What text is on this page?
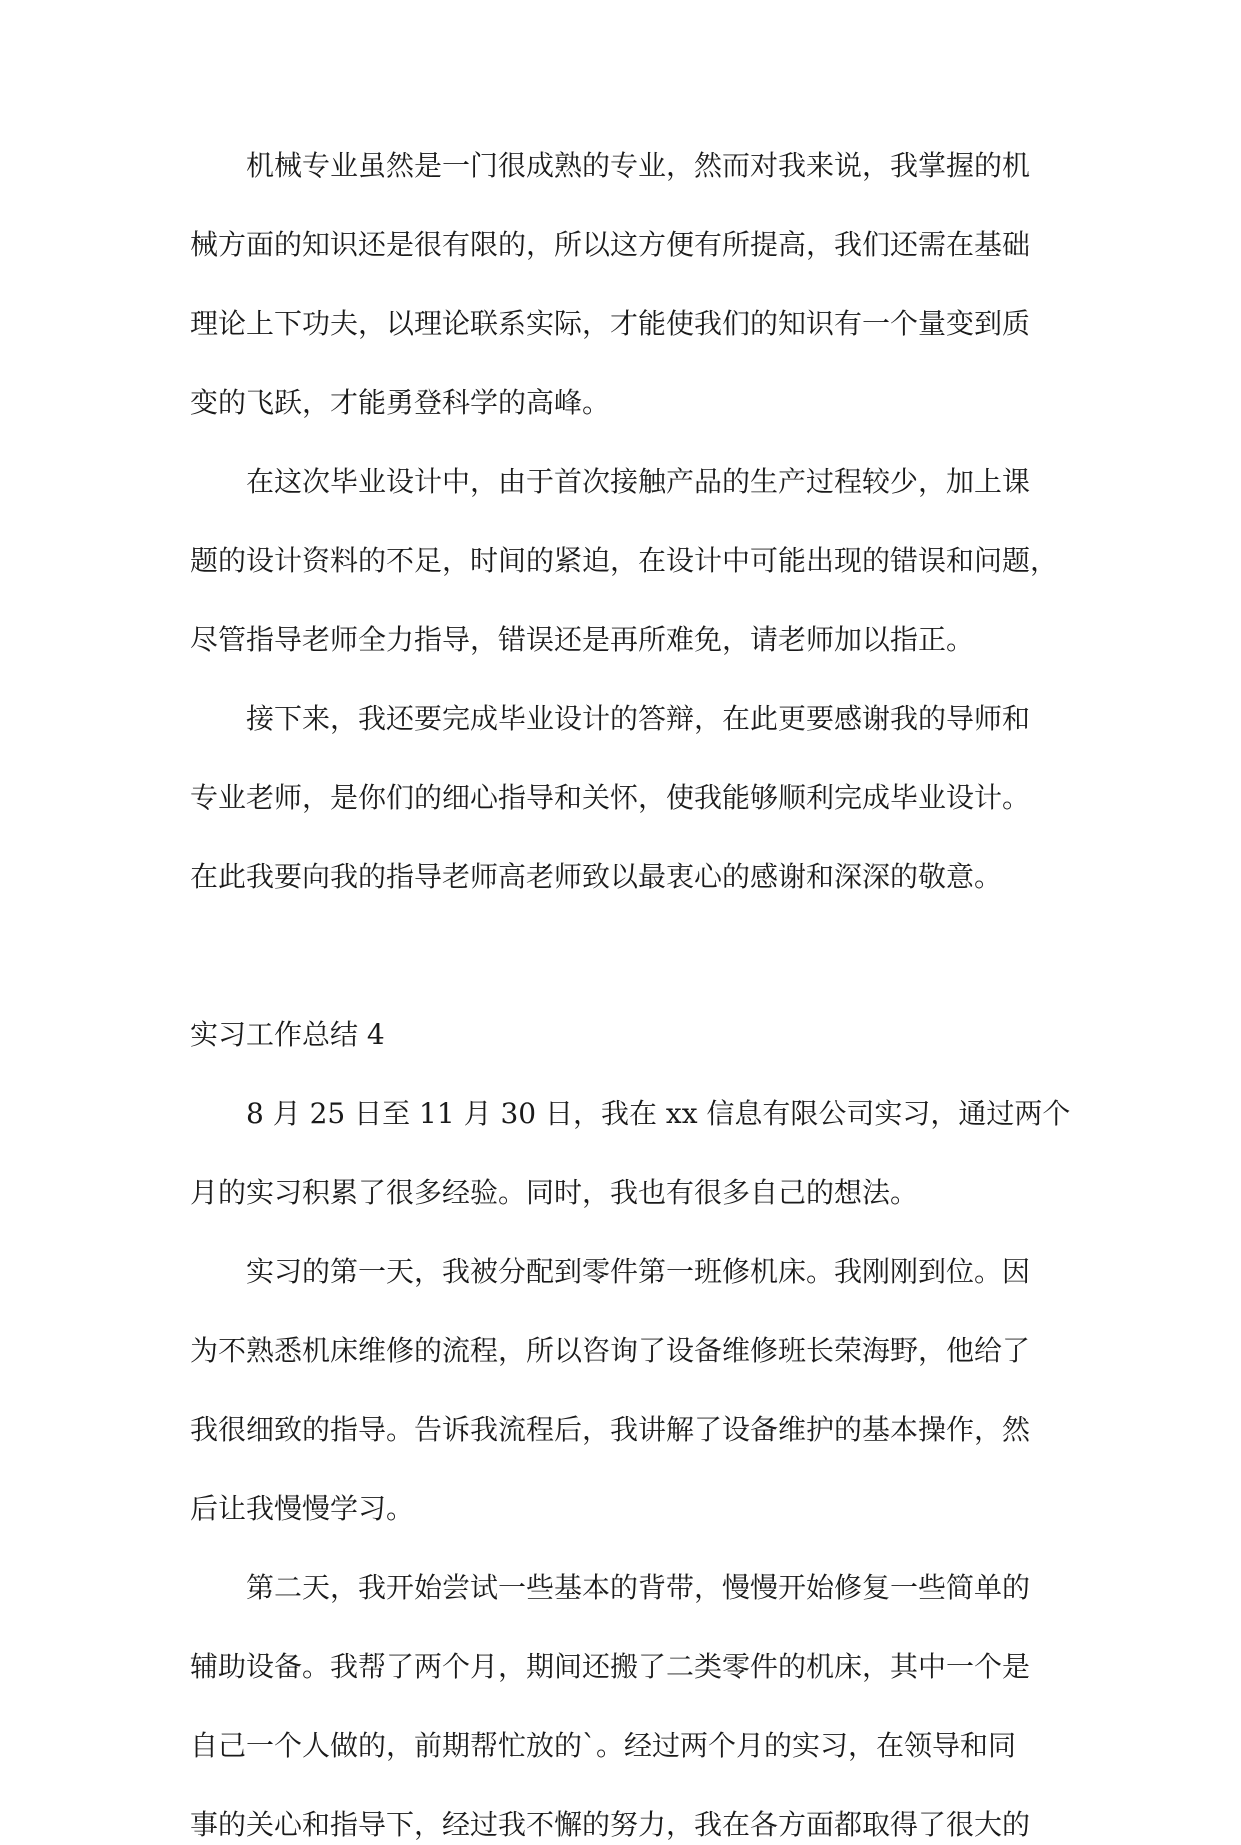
机械专业虽然是一门很成熟的专业，然而对我来说，我掌握的机
械方面的知识还是很有限的，所以这方便有所提高，我们还需在基础
理论上下功夫，以理论联系实际，才能使我们的知识有一个量变到质
变的飞跃，才能勇登科学的高峰。
在这次毕业设计中，由于首次接触产品的生产过程较少，加上课
题的设计资料的不足，时间的紧迫，在设计中可能出现的错误和问题，
尽管指导老师全力指导，错误还是再所难免，请老师加以指正。
接下来，我还要完成毕业设计的答辩，在此更要感谢我的导师和
专业老师，是你们的细心指导和关怀，使我能够顺利完成毕业设计。
在此我要向我的指导老师高老师致以最衷心的感谢和深深的敬意。
实习工作总结 4
8 月 25 日至 11 月 30 日，我在 xx 信息有限公司实习，通过两个
月的实习积累了很多经验。同时，我也有很多自己的想法。
实习的第一天，我被分配到零件第一班修机床。我刚刚到位。因
为不熟悉机床维修的流程，所以咨询了设备维修班长荣海野，他给了
我很细致的指导。告诉我流程后，我讲解了设备维护的基本操作，然
后让我慢慢学习。
第二天，我开始尝试一些基本的背带，慢慢开始修复一些简单的
辅助设备。我帮了两个月，期间还搬了二类零件的机床，其中一个是
自己一个人做的，前期帮忙放的`。经过两个月的实习，在领导和同
事的关心和指导下，经过我不懈的努力，我在各方面都取得了很大的
